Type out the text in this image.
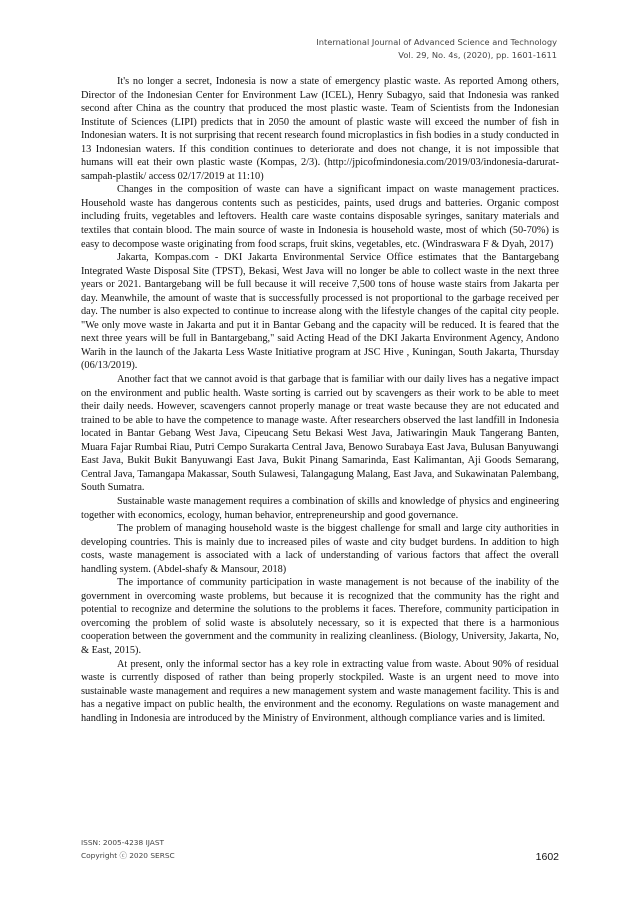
International Journal of Advanced Science and Technology
Vol. 29, No. 4s, (2020), pp. 1601-1611

It's no longer a secret, Indonesia is now a state of emergency plastic waste. As reported Among others, Director of the Indonesian Center for Environment Law (ICEL), Henry Subagyo, said that Indonesia was ranked second after China as the country that produced the most plastic waste. Team of Scientists from the Indonesian Institute of Sciences (LIPI) predicts that in 2050 the amount of plastic waste will exceed the number of fish in Indonesian waters. It is not surprising that recent research found microplastics in fish bodies in a study conducted in 13 Indonesian waters. If this condition continues to deteriorate and does not change, it is not impossible that humans will eat their own plastic waste (Kompas, 2/3). (http://jpicofmindonesia.com/2019/03/indonesia-darurat-sampah-plastik/ access 02/17/2019 at 11:10)

Changes in the composition of waste can have a significant impact on waste management practices. Household waste has dangerous contents such as pesticides, paints, used drugs and batteries. Organic compost including fruits, vegetables and leftovers. Health care waste contains disposable syringes, sanitary materials and textiles that contain blood. The main source of waste in Indonesia is household waste, most of which (50-70%) is easy to decompose waste originating from food scraps, fruit skins, vegetables, etc. (Windraswara F & Dyah, 2017)

Jakarta, Kompas.com - DKI Jakarta Environmental Service Office estimates that the Bantargebang Integrated Waste Disposal Site (TPST), Bekasi, West Java will no longer be able to collect waste in the next three years or 2021. Bantargebang will be full because it will receive 7,500 tons of house waste stairs from Jakarta per day. Meanwhile, the amount of waste that is successfully processed is not proportional to the garbage received per day. The number is also expected to continue to increase along with the lifestyle changes of the capital city people. "We only move waste in Jakarta and put it in Bantar Gebang and the capacity will be reduced. It is feared that the next three years will be full in Bantargebang," said Acting Head of the DKI Jakarta Environment Agency, Andono Warih in the launch of the Jakarta Less Waste Initiative program at JSC Hive , Kuningan, South Jakarta, Thursday (06/13/2019).

Another fact that we cannot avoid is that garbage that is familiar with our daily lives has a negative impact on the environment and public health. Waste sorting is carried out by scavengers as their work to be able to meet their daily needs. However, scavengers cannot properly manage or treat waste because they are not educated and trained to be able to have the competence to manage waste. After researchers observed the last landfill in Indonesia located in Bantar Gebang West Java, Cipeucang Setu Bekasi West Java, Jatiwaringin Mauk Tangerang Banten, Muara Fajar Rumbai Riau, Putri Cempo Surakarta Central Java, Benowo Surabaya East Java, Bulusan Banyuwangi East Java, Bukit Bukit Banyuwangi East Java, Bukit Pinang Samarinda, East Kalimantan, Aji Goods Semarang, Central Java, Tamangapa Makassar, South Sulawesi, Talangagung Malang, East Java, and Sukawinatan Palembang, South Sumatra.

Sustainable waste management requires a combination of skills and knowledge of physics and engineering together with economics, ecology, human behavior, entrepreneurship and good governance.

The problem of managing household waste is the biggest challenge for small and large city authorities in developing countries. This is mainly due to increased piles of waste and city budget burdens. In addition to high costs, waste management is associated with a lack of understanding of various factors that affect the overall handling system. (Abdel-shafy & Mansour, 2018)

The importance of community participation in waste management is not because of the inability of the government in overcoming waste problems, but because it is recognized that the community has the right and potential to recognize and determine the solutions to the problems it faces. Therefore, community participation in overcoming the problem of solid waste is absolutely necessary, so it is expected that there is a harmonious cooperation between the government and the community in realizing cleanliness. (Biology, University, Jakarta, No, & East, 2015).

At present, only the informal sector has a key role in extracting value from waste. About 90% of residual waste is currently disposed of rather than being properly stockpiled. Waste is an urgent need to move into sustainable waste management and requires a new management system and waste management facility. This is and has a negative impact on public health, the environment and the economy. Regulations on waste management and handling in Indonesia are introduced by the Ministry of Environment, although compliance varies and is limited.

ISSN: 2005-4238 IJAST
Copyright ⓒ 2020 SERSC	1602
